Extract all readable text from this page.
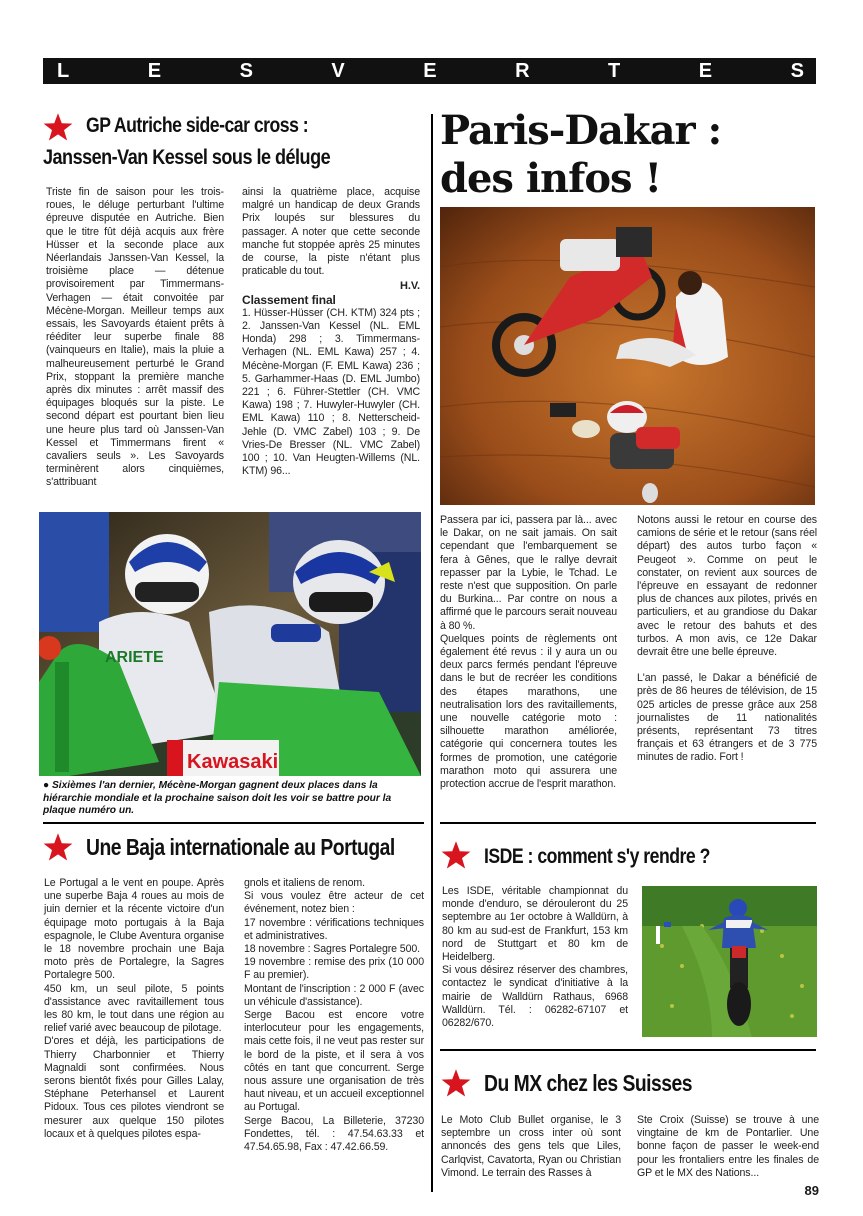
L	E	S	V	E	R	T	E	S
GP Autriche side-car cross :
Janssen-Van Kessel sous le déluge
Triste fin de saison pour les trois-roues, le déluge perturbant l'ultime épreuve disputée en Autriche. Bien que le titre fût déjà acquis aux frère Hüsser et la seconde place aux Néerlandais Janssen-Van Kessel, la troisième place — détenue provisoirement par Timmermans-Verhagen — était convoitée par Mécène-Morgan. Meilleur temps aux essais, les Savoyards étaient prêts à rééditer leur superbe finale 88 (vainqueurs en Italie), mais la pluie a malheureusement perturbé le Grand Prix, stoppant la première manche après dix minutes : arrêt massif des équipages bloqués sur la piste. Le second départ est pourtant bien lieu une heure plus tard où Janssen-Van Kessel et Timmermans firent « cavaliers seuls ». Les Savoyards terminèrent alors cinquièmes, s'attribuant

ainsi la quatrième place, acquise malgré un handicap de deux Grands Prix loupés sur blessures du passager. A noter que cette seconde manche fut stoppée après 25 minutes de course, la piste n'étant plus praticable du tout.

H.V.

Classement final

1. Hüsser-Hüsser (CH. KTM) 324 pts ; 2. Janssen-Van Kessel (NL. EML Honda) 298 ; 3. Timmermans-Verhagen (NL. EML Kawa) 257 ; 4. Mécène-Morgan (F. EML Kawa) 236 ; 5. Garhammer-Haas (D. EML Jumbo) 221 ; 6. Führer-Stettler (CH. VMC Kawa) 198 ; 7. Huwyler-Huwyler (CH. EML Kawa) 110 ; 8. Netterscheid-Jehle (D. VMC Zabel) 103 ; 9. De Vries-De Bresser (NL. VMC Zabel) 100 ; 10. Van Heugten-Willems (NL. KTM) 96...

Kawasaki
ARIETE
● Sixièmes l'an dernier, Mécène-Morgan gagnent deux places dans la hiérarchie mondiale et la prochaine saison doit les voir se battre pour la plaque numéro un.
Paris-Dakar :
des infos !

Passera par ici, passera par là... avec le Dakar, on ne sait jamais. On sait cependant que l'embarquement se fera à Gênes, que le rallye devrait repasser par la Lybie, le Tchad. Le reste n'est que supposition. On parle du Burkina... Par contre on nous a affirmé que le parcours serait nouveau à 80 %.

Quelques points de règlements ont également été revus : il y aura un ou deux parcs fermés pendant l'épreuve dans le but de recréer les conditions des étapes marathons, une neutralisation lors des ravitaillements, une nouvelle catégorie moto : silhouette marathon améliorée, catégorie qui concernera toutes les formes de promotion, une catégorie marathon moto qui assurera une protection accrue de l'esprit marathon.

Notons aussi le retour en course des camions de série et le retour (sans réel départ) des autos turbo façon « Peugeot ». Comme on peut le constater, on revient aux sources de l'épreuve en essayant de redonner plus de chances aux pilotes, privés en particuliers, et au grandiose du Dakar avec le retour des bahuts et des turbos. A mon avis, ce 12e Dakar devrait être une belle épreuve.

L'an passé, le Dakar a bénéficié de près de 86 heures de télévision, de 15 025 articles de presse grâce aux 258 journalistes de 11 nationalités présents, représentant 73 titres français et 63 étrangers et de 3 775 minutes de radio. Fort !

Une Baja internationale au Portugal

Le Portugal a le vent en poupe. Après une superbe Baja 4 roues au mois de juin dernier et la récente victoire d'un équipage moto portugais à la Baja espagnole, le Clube Aventura organise le 18 novembre prochain une Baja moto près de Portalegre, la Sagres Portalegre 500.

450 km, un seul pilote, 5 points d'assistance avec ravitaillement tous les 80 km, le tout dans une région au relief varié avec beaucoup de pilotage.

D'ores et déjà, les participations de Thierry Charbonnier et Thierry Magnaldi sont confirmées. Nous serons bientôt fixés pour Gilles Lalay, Stéphane Peterhansel et Laurent Pidoux. Tous ces pilotes viendront se mesurer aux quelque 150 pilotes locaux et à quelques pilotes espa-

gnols et italiens de renom.

Si vous voulez être acteur de cet événement, notez bien :

17 novembre : vérifications techniques et administratives.

18 novembre : Sagres Portalegre 500.

19 novembre : remise des prix (10 000 F au premier).

Montant de l'inscription : 2 000 F (avec un véhicule d'assistance).

Serge Bacou est encore votre interlocuteur pour les engagements, mais cette fois, il ne veut pas rester sur le bord de la piste, et il sera à vos côtés en tant que concurrent. Serge nous assure une organisation de très haut niveau, et un accueil exceptionnel au Portugal.

Serge Bacou, La Billeterie, 37230 Fondettes, tél. : 47.54.63.33 et 47.54.65.98, Fax : 47.42.66.59.

ISDE : comment s'y rendre ?

Les ISDE, véritable championnat du monde d'enduro, se dérouleront du 25 septembre au 1er octobre à Walldürn, à 80 km au sud-est de Frankfurt, 153 km nord de Stuttgart et 80 km de Heidelberg.

Si vous désirez réserver des chambres, contactez le syndicat d'initiative à la mairie de Walldürn Rathaus, 6968 Walldürn. Tél. : 06282-67107 et 06282/670.

Du MX chez les Suisses
Le Moto Club Bullet organise, le 3 septembre un cross inter où sont annoncés des gens tels que Liles, Carlqvist, Cavatorta, Ryan ou Christian Vimond. Le terrain des Rasses à
Ste Croix (Suisse) se trouve à une vingtaine de km de Pontarlier. Une bonne façon de passer le week-end pour les frontaliers entre les finales de GP et le MX des Nations...
89
